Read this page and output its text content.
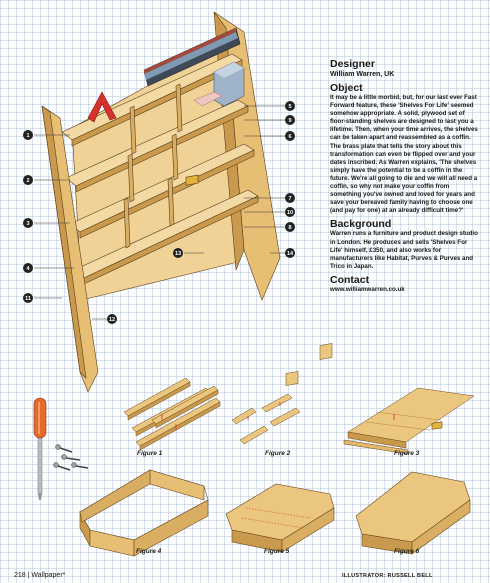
A
1
2
3
4
5
6
7
8
9
10
11
12
13	14
Designer

William Warren, UK

Object

It may be a little morbid, but, for our last ever Fast Forward feature, these 'Shelves For Life' seemed somehow appropriate. A solid, plywood set of floor-standing shelves are designed to last you a lifetime. Then, when your time arrives, the shelves can be taken apart and reassembled as a coffin. The brass plate that tells the story about this transformation can even be flipped over and your dates inscribed. As Warren explains, 'The shelves simply have the potential to be a coffin in the future. We're all going to die and we will all need a coffin, so why not make your coffin from something you've owned and loved for years and save your bereaved family having to choose one (and pay for one) at an already difficult time?'

Background

Warren runs a furniture and product design studio in London. He produces and sells 'Shelves For Life' himself, £350, and also works for manufacturers like Habitat, Purves & Purves and Trico in Japan.

Contact

www.williamwarren.co.uk

Figure 1	Figure 2	Figure 3
Figure 4	Figure 5	Figure 6
218 | Wallpaper*	ILLUSTRATOR: RUSSELL BELL
